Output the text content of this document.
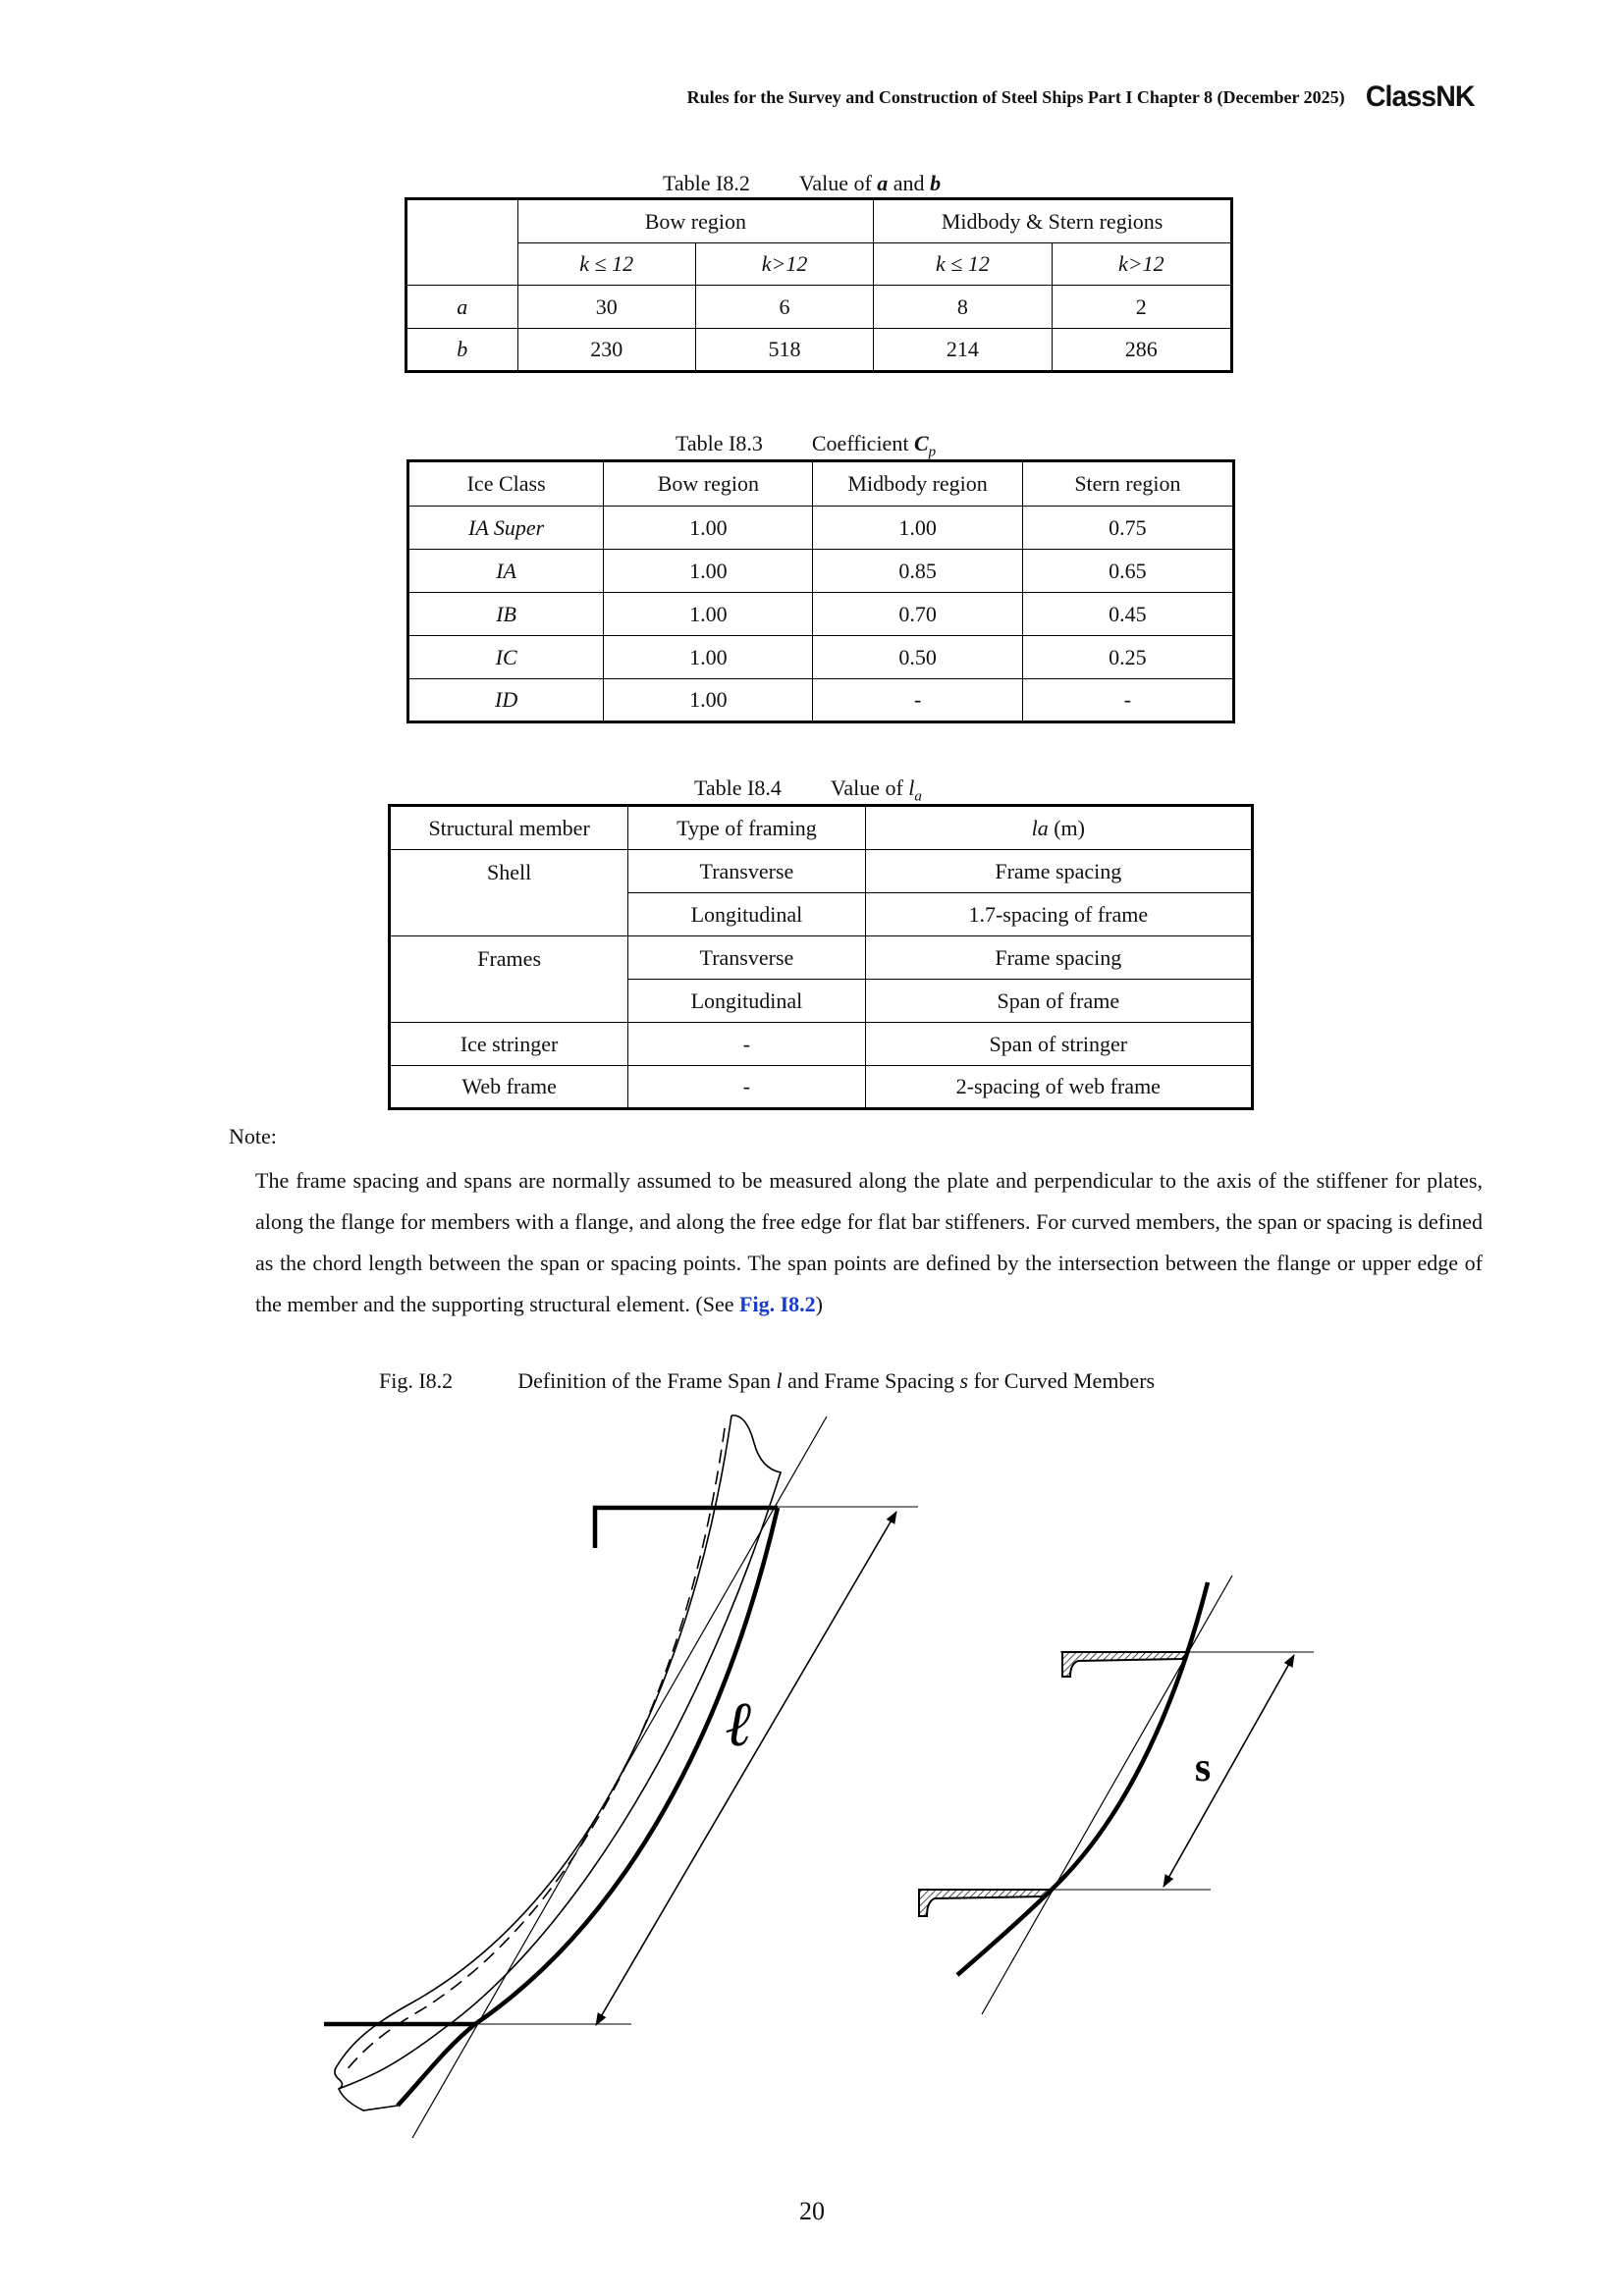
Rules for the Survey and Construction of Steel Ships Part I Chapter 8 (December 2025) ClassNK
Table I8.2 Value of a and b
	Bow region		Midbody & Stern regions	
	k ≤ 12	k>12	k ≤ 12	k>12
a	30	6	8	2
b	230	518	214	286
Table I8.3 Coefficient $C_p$
Ice Class	Bow region	Midbody region	Stern region
IA Super	1.00	1.00	0.75
IA	1.00	0.85	0.65
IB	1.00	0.70	0.45
IC	1.00	0.50	0.25
ID	1.00	-	-
Table I8.4 Value of $l_a$
Structural member	Type of framing	la (m)
Shell	Transverse	Frame spacing
	Longitudinal	1.7-spacing of frame
Frames	Transverse	Frame spacing
	Longitudinal	Span of frame
Ice stringer	-	Span of stringer
Web frame	-	2-spacing of web frame
Note:
The frame spacing and spans are normally assumed to be measured along the plate and perpendicular to the axis of the stiffener for plates, along the flange for members with a flange, and along the free edge for flat bar stiffeners. For curved members, the span or spacing is defined as the chord length between the span or spacing points. The span points are defined by the intersection between the flange or upper edge of the member and the supporting structural element. (See Fig. I8.2)
Fig. I8.2	Definition of the Frame Span l and Frame Spacing s for Curved Members
ℓ
s
20
